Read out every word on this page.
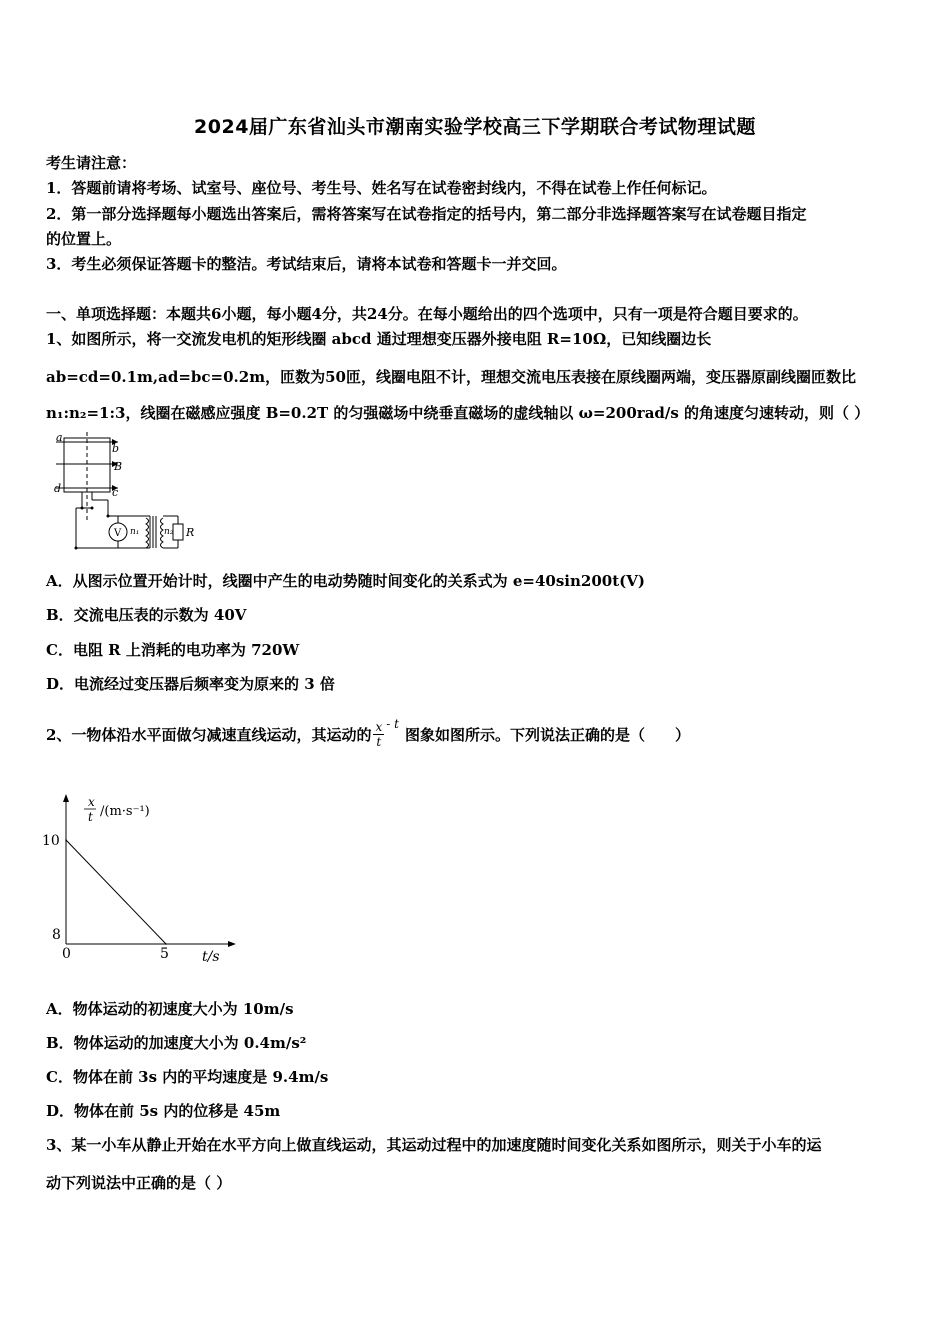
2024届广东省汕头市潮南实验学校高三下学期联合考试物理试题
考生请注意：
1．答题前请将考场、试室号、座位号、考生号、姓名写在试卷密封线内，不得在试卷上作任何标记。
2．第一部分选择题每小题选出答案后，需将答案写在试卷指定的括号内，第二部分非选择题答案写在试卷题目指定
的位置上。
3．考生必须保证答题卡的整洁。考试结束后，请将本试卷和答题卡一并交回。
一、单项选择题：本题共6小题，每小题4分，共24分。在每小题给出的四个选项中，只有一项是符合题目要求的。
1、如图所示，将一交流发电机的矩形线圈 abcd 通过理想变压器外接电阻 R=10Ω，已知线圈边长
ab=cd=0.1m,ad=bc=0.2m，匝数为50匝，线圈电阻不计，理想交流电压表接在原线圈两端，变压器原副线圈匝数比
n₁:n₂=1:3，线圈在磁感应强度 B=0.2T 的匀强磁场中绕垂直磁场的虚线轴以 ω=200rad/s 的角速度匀速转动，则（ ）
a
b
B
c
d
V n₁	n₂ R
A．从图示位置开始计时，线圈中产生的电动势随时间变化的关系式为 e=40sin200t(V)
B．交流电压表的示数为 40V
C．电阻 R 上消耗的电功率为 720W
D．电流经过变压器后频率变为原来的 3 倍
2、一物体沿水平面做匀减速直线运动，其运动的 $\frac{x}{t}$ - t
图象如图所示。下列说法正确的是（　　）
x
t /(m·s⁻¹)
10
8
0	5 t/s
A．物体运动的初速度大小为 10m/s
B．物体运动的加速度大小为 0.4m/s²
C．物体在前 3s 内的平均速度是 9.4m/s
D．物体在前 5s 内的位移是 45m
3、某一小车从静止开始在水平方向上做直线运动，其运动过程中的加速度随时间变化关系如图所示，则关于小车的运
动下列说法中正确的是（ ）
